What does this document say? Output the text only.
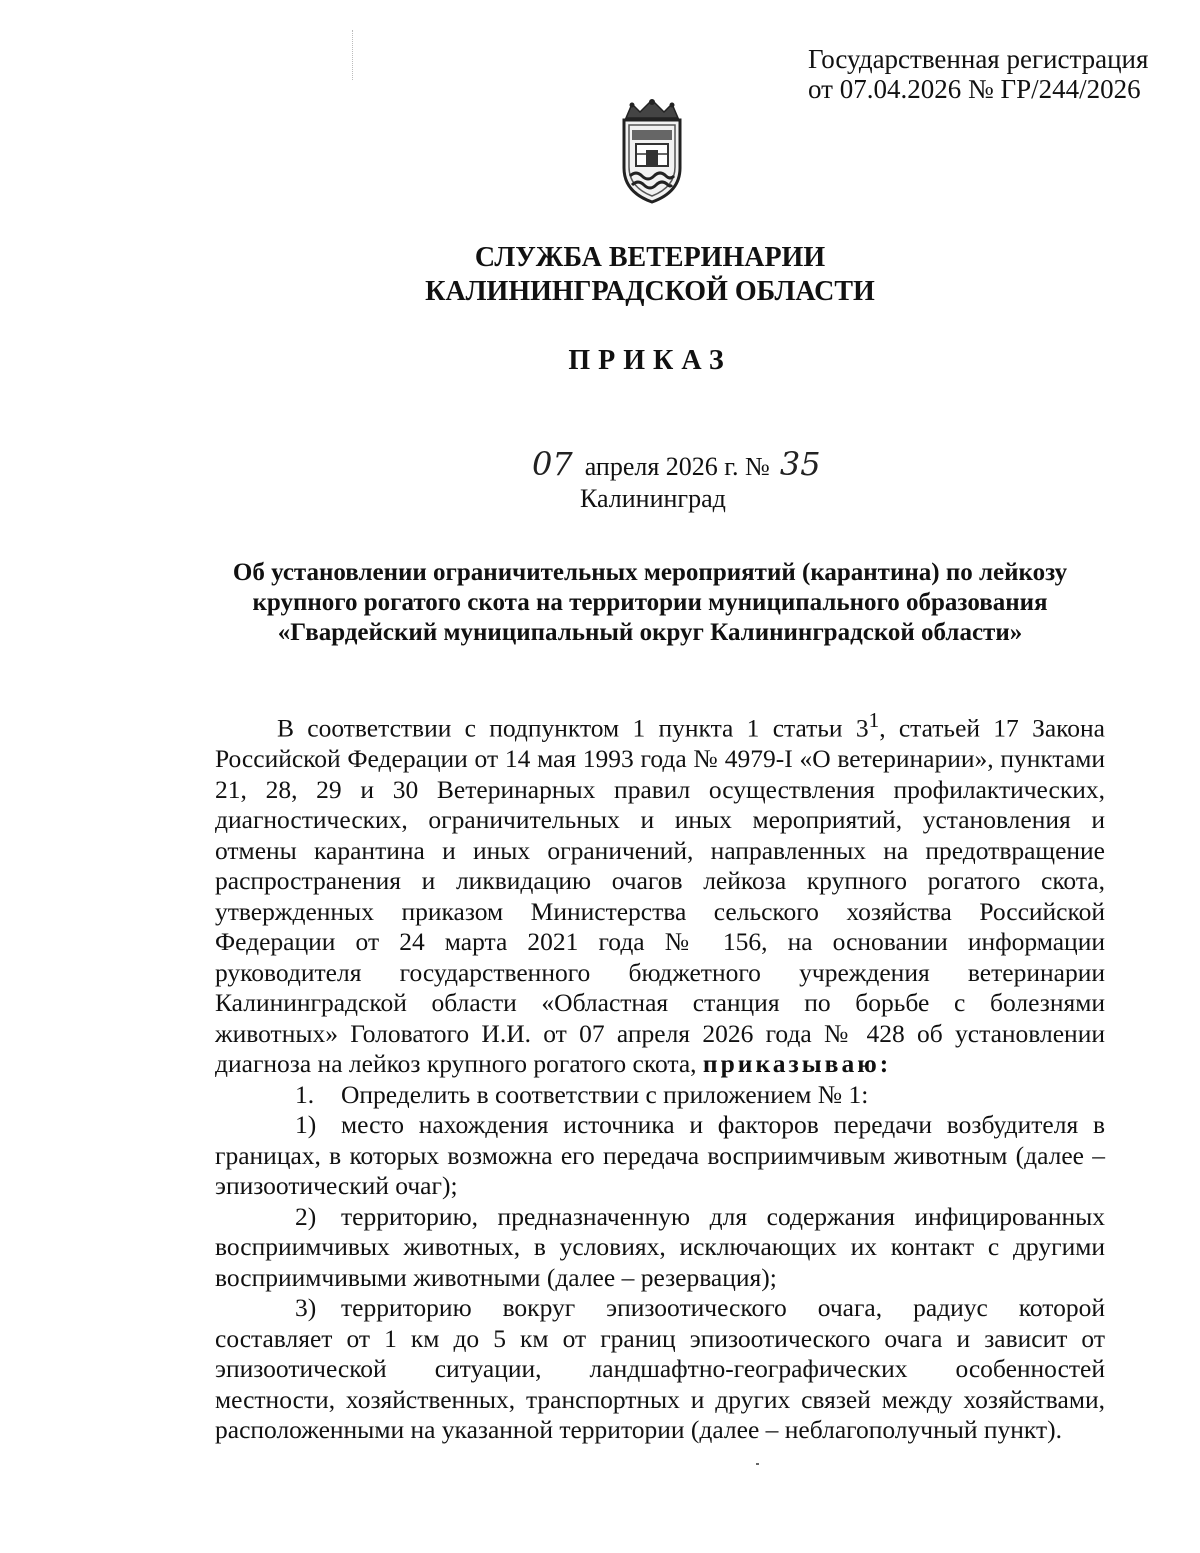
Государственная регистрация
от 07.04.2026 № ГР/244/2026
СЛУЖБА ВЕТЕРИНАРИИ
КАЛИНИНГРАДСКОЙ ОБЛАСТИ
ПРИКАЗ
07 апреля 2026 г. № 35
Калининград
Об установлении ограничительных мероприятий (карантина) по лейкозу
крупного рогатого скота на территории муниципального образования
«Гвардейский муниципальный округ Калининградской области»

В соответствии с подпунктом 1 пункта 1 статьи $3^1$, статьей 17 Закона Российской Федерации от 14 мая 1993 года № 4979-I «О ветеринарии», пунктами 21, 28, 29 и 30 Ветеринарных правил осуществления профилактических, диагностических, ограничительных и иных мероприятий, установления и отмены карантина и иных ограничений, направленных на предотвращение распространения и ликвидацию очагов лейкоза крупного рогатого скота, утвержденных приказом Министерства сельского хозяйства Российской Федерации от 24 марта 2021 года № 156, на основании информации руководителя государственного бюджетного учреждения ветеринарии Калининградской области «Областная станция по борьбе с болезнями животных» Головатого И.И. от 07 апреля 2026 года № 428 об установлении диагноза на лейкоз крупного рогатого скота, приказываю:

1. Определить в соответствии с приложением № 1:

1) место нахождения источника и факторов передачи возбудителя в границах, в которых возможна его передача восприимчивым животным (далее – эпизоотический очаг);

2) территорию, предназначенную для содержания инфицированных восприимчивых животных, в условиях, исключающих их контакт с другими восприимчивыми животными (далее – резервация);

3) территорию вокруг эпизоотического очага, радиус которой составляет от 1 км до 5 км от границ эпизоотического очага и зависит от эпизоотической ситуации, ландшафтно-географических особенностей местности, хозяйственных, транспортных и других связей между хозяйствами, расположенными на указанной территории (далее – неблагополучный пункт).
